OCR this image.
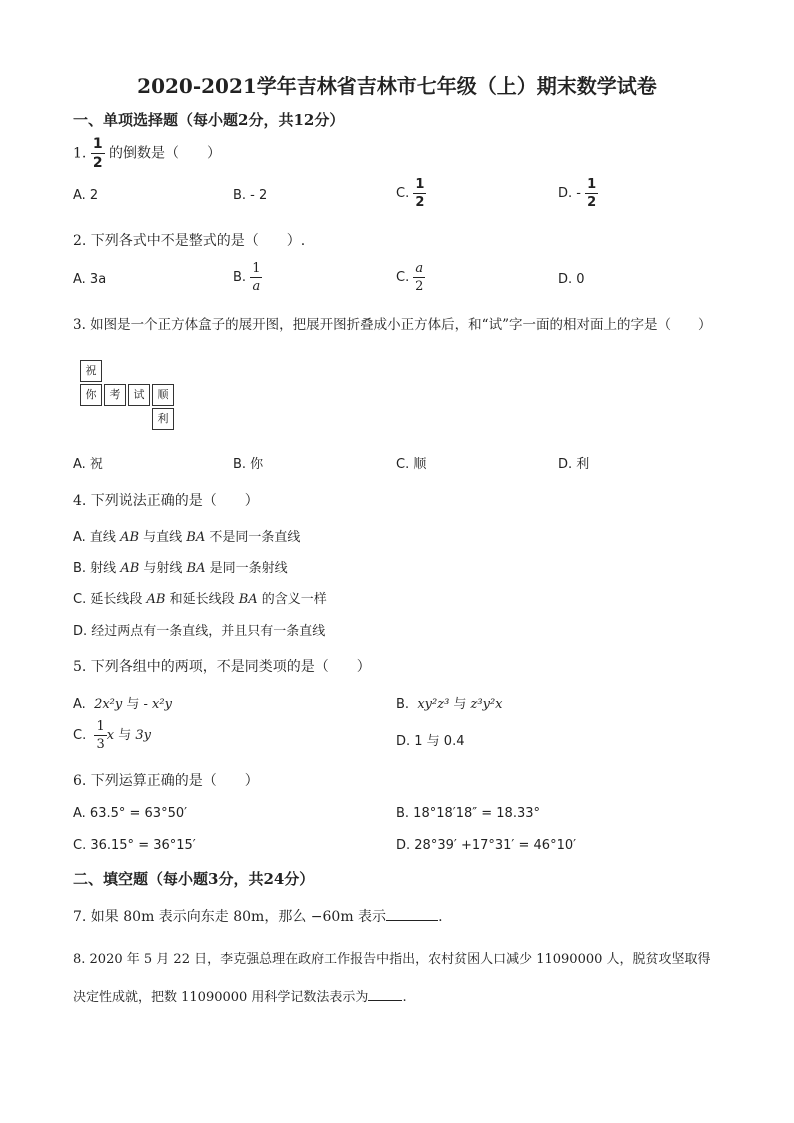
2020-2021学年吉林省吉林市七年级（上）期末数学试卷
一、单项选择题（每小题2分，共12分）
1. $\frac{1}{2}$ 的倒数是（　　）
A. 2	B. - 2	C. $\frac{1}{2}$	D. - $\frac{1}{2}$
2. 下列各式中不是整式的是（　　）.
A. 3a	B. $\frac{1}{a}$	C. $\frac{a}{2}$	D. 0
3. 如图是一个正方体盒子的展开图，把展开图折叠成小正方体后，和“试”字一面的相对面上的字是（　　）
祝
你	考	试	顺
利
A. 祝	B. 你	C. 顺	D. 利
4. 下列说法正确的是（　　）
A. 直线 AB 与直线 BA 不是同一条直线
B. 射线 AB 与射线 BA 是同一条射线
C. 延长线段 AB 和延长线段 BA 的含义一样
D. 经过两点有一条直线，并且只有一条直线
5. 下列各组中的两项，不是同类项的是（　　）
A. 2x²y 与 - x²y	B. xy²z³ 与 z³y²x
C. $\frac{1}{3}$ x 与 3y	D. 1 与 0.4
6. 下列运算正确的是（　　）
A. 63.5° = 63°50′	B. 18°18′18″ = 18.33°
C. 36.15° = 36°15′	D. 28°39′ +17°31′ = 46°10′
二、填空题（每小题3分，共24分）
7. 如果 80m 表示向东走 80m，那么 −60m 表示	.
8. 2020 年 5 月 22 日，李克强总理在政府工作报告中指出，农村贫困人口减少 11090000 人，脱贫攻坚取得
决定性成就，把数 11090000 用科学记数法表示为	.
